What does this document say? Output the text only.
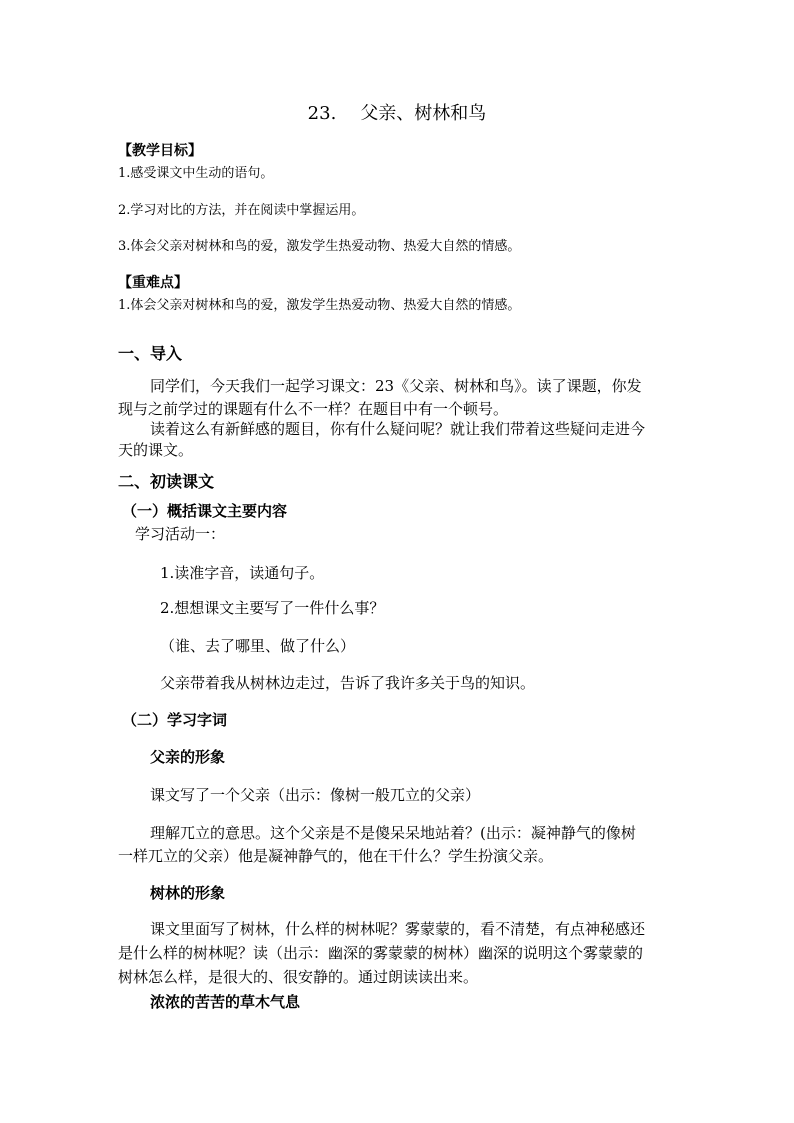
23. 父亲、树林和鸟
【教学目标】
1.感受课文中生动的语句。
2.学习对比的方法，并在阅读中掌握运用。
3.体会父亲对树林和鸟的爱，激发学生热爱动物、热爱大自然的情感。
【重难点】
1.体会父亲对树林和鸟的爱，激发学生热爱动物、热爱大自然的情感。
一、导入
同学们，今天我们一起学习课文：23《父亲、树林和鸟》。读了课题，你发
现与之前学过的课题有什么不一样？在题目中有一个顿号。
读着这么有新鲜感的题目，你有什么疑问呢？就让我们带着这些疑问走进今
天的课文。
二、初读课文
（一）概括课文主要内容
学习活动一：
1.读准字音，读通句子。
2.想想课文主要写了一件什么事？
（谁、去了哪里、做了什么）
父亲带着我从树林边走过，告诉了我许多关于鸟的知识。
（二）学习字词
父亲的形象
课文写了一个父亲（出示：像树一般兀立的父亲）
理解兀立的意思。这个父亲是不是傻呆呆地站着？(出示：凝神静气的像树
一样兀立的父亲）他是凝神静气的，他在干什么？学生扮演父亲。
树林的形象
课文里面写了树林，什么样的树林呢？雾蒙蒙的，看不清楚，有点神秘感还
是什么样的树林呢？读（出示：幽深的雾蒙蒙的树林）幽深的说明这个雾蒙蒙的
树林怎么样，是很大的、很安静的。通过朗读读出来。
浓浓的苦苦的草木气息
